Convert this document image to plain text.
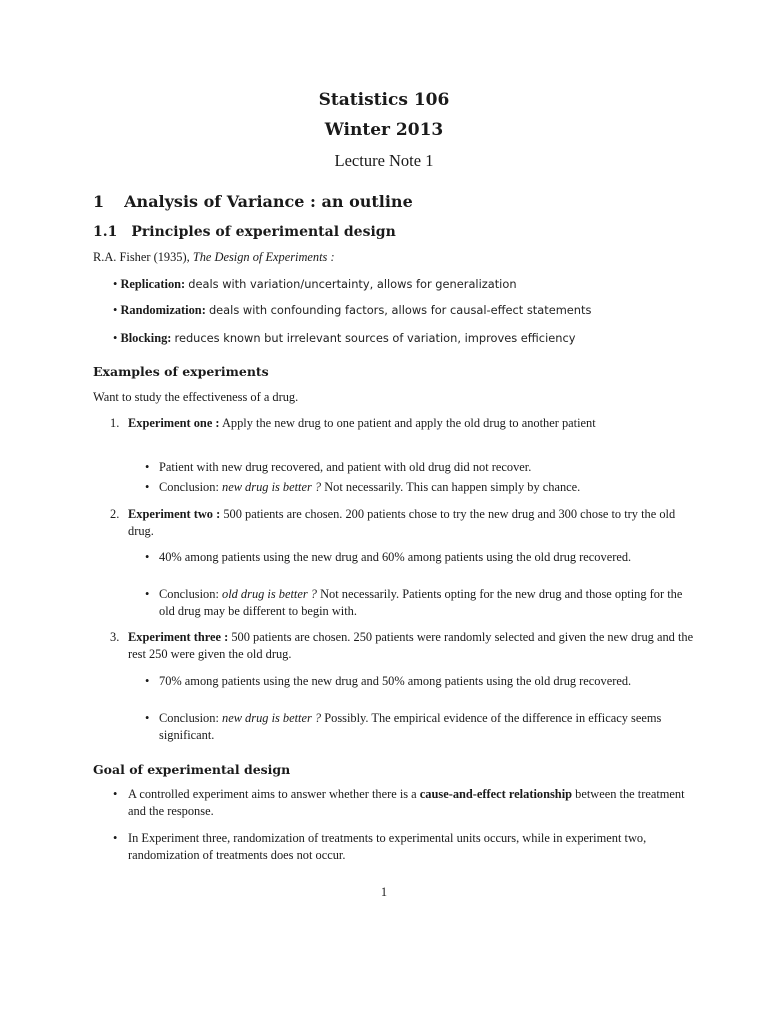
Statistics 106
Winter 2013
Lecture Note 1
1 Analysis of Variance : an outline
1.1 Principles of experimental design
R.A. Fisher (1935), The Design of Experiments :
• Replication: deals with variation/uncertainty, allows for generalization
• Randomization: deals with confounding factors, allows for causal-effect statements
• Blocking: reduces known but irrelevant sources of variation, improves efficiency
Examples of experiments
Want to study the effectiveness of a drug.
1. Experiment one : Apply the new drug to one patient and apply the old drug to another patient
• Patient with new drug recovered, and patient with old drug did not recover.
• Conclusion: new drug is better ? Not necessarily. This can happen simply by chance.
2. Experiment two : 500 patients are chosen. 200 patients chose to try the new drug and 300 chose to try the old drug.
• 40% among patients using the new drug and 60% among patients using the old drug recovered.
• Conclusion: old drug is better ? Not necessarily. Patients opting for the new drug and those opting for the old drug may be different to begin with.
3. Experiment three : 500 patients are chosen. 250 patients were randomly selected and given the new drug and the rest 250 were given the old drug.
• 70% among patients using the new drug and 50% among patients using the old drug recovered.
• Conclusion: new drug is better ? Possibly. The empirical evidence of the difference in efficacy seems significant.
Goal of experimental design
• A controlled experiment aims to answer whether there is a cause-and-effect relationship between the treatment and the response.
• In Experiment three, randomization of treatments to experimental units occurs, while in experiment two, randomization of treatments does not occur.
1
